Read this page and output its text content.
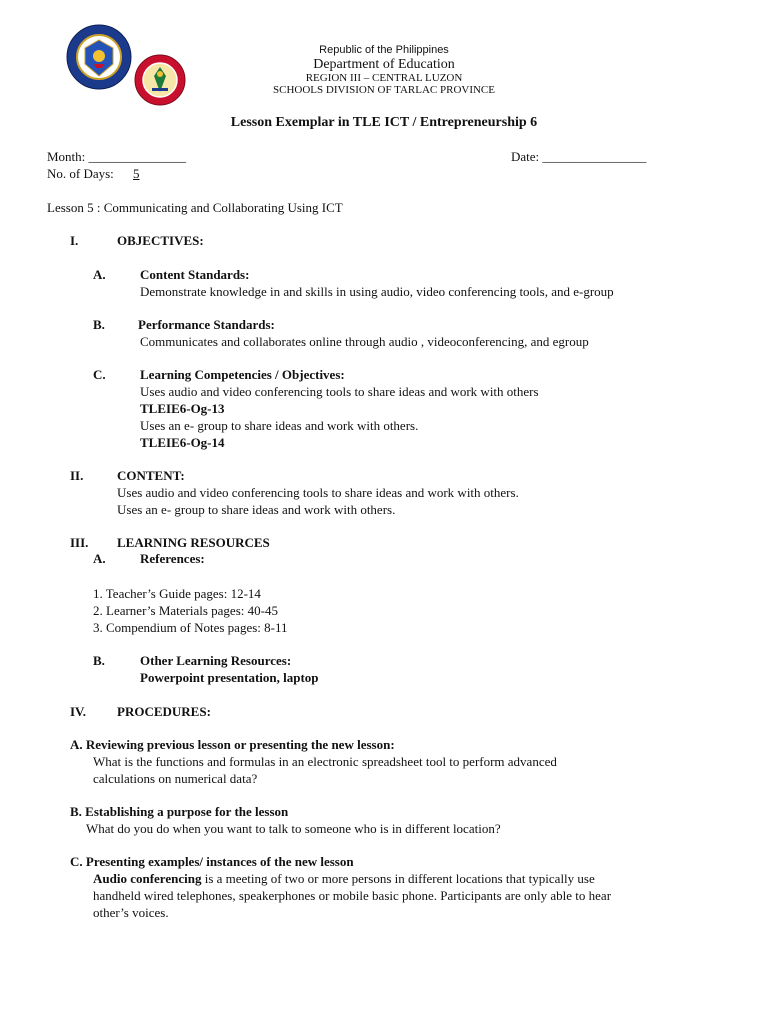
Republic of the Philippines
Department of Education
REGION III – CENTRAL LUZON
SCHOOLS DIVISION OF TARLAC PROVINCE
Lesson Exemplar in TLE ICT / Entrepreneurship 6
Month: _______________	Date: ________________
No. of Days: 5
Lesson 5 : Communicating and Collaborating Using ICT
I.	OBJECTIVES:
A.	Content Standards:
Demonstrate knowledge in and skills in using audio, video conferencing tools, and e-group
B.	Performance Standards:
Communicates and collaborates online through audio , videoconferencing, and egroup
C.	Learning Competencies / Objectives:
Uses audio and video conferencing tools to share ideas and work with others
TLEIE6-Og-13
Uses an e- group to share ideas and work with others.
TLEIE6-Og-14
II.	CONTENT:
Uses audio and video conferencing tools to share ideas and work with others.
Uses an e- group to share ideas and work with others.
III. LEARNING RESOURCES
A.	References:
1. Teacher’s Guide pages: 12-14
2. Learner’s Materials pages: 40-45
3. Compendium of Notes pages: 8-11
B.	Other Learning Resources:
Powerpoint presentation, laptop
IV. PROCEDURES:
A. Reviewing previous lesson or presenting the new lesson:
What is the functions and formulas in an electronic spreadsheet tool to perform advanced
calculations on numerical data?
B. Establishing a purpose for the lesson
What do you do when you want to talk to someone who is in different location?
C. Presenting examples/ instances of the new lesson
Audio conferencing is a meeting of two or more persons in different locations that typically use
handheld wired telephones, speakerphones or mobile basic phone. Participants are only able to hear
other’s voices.
